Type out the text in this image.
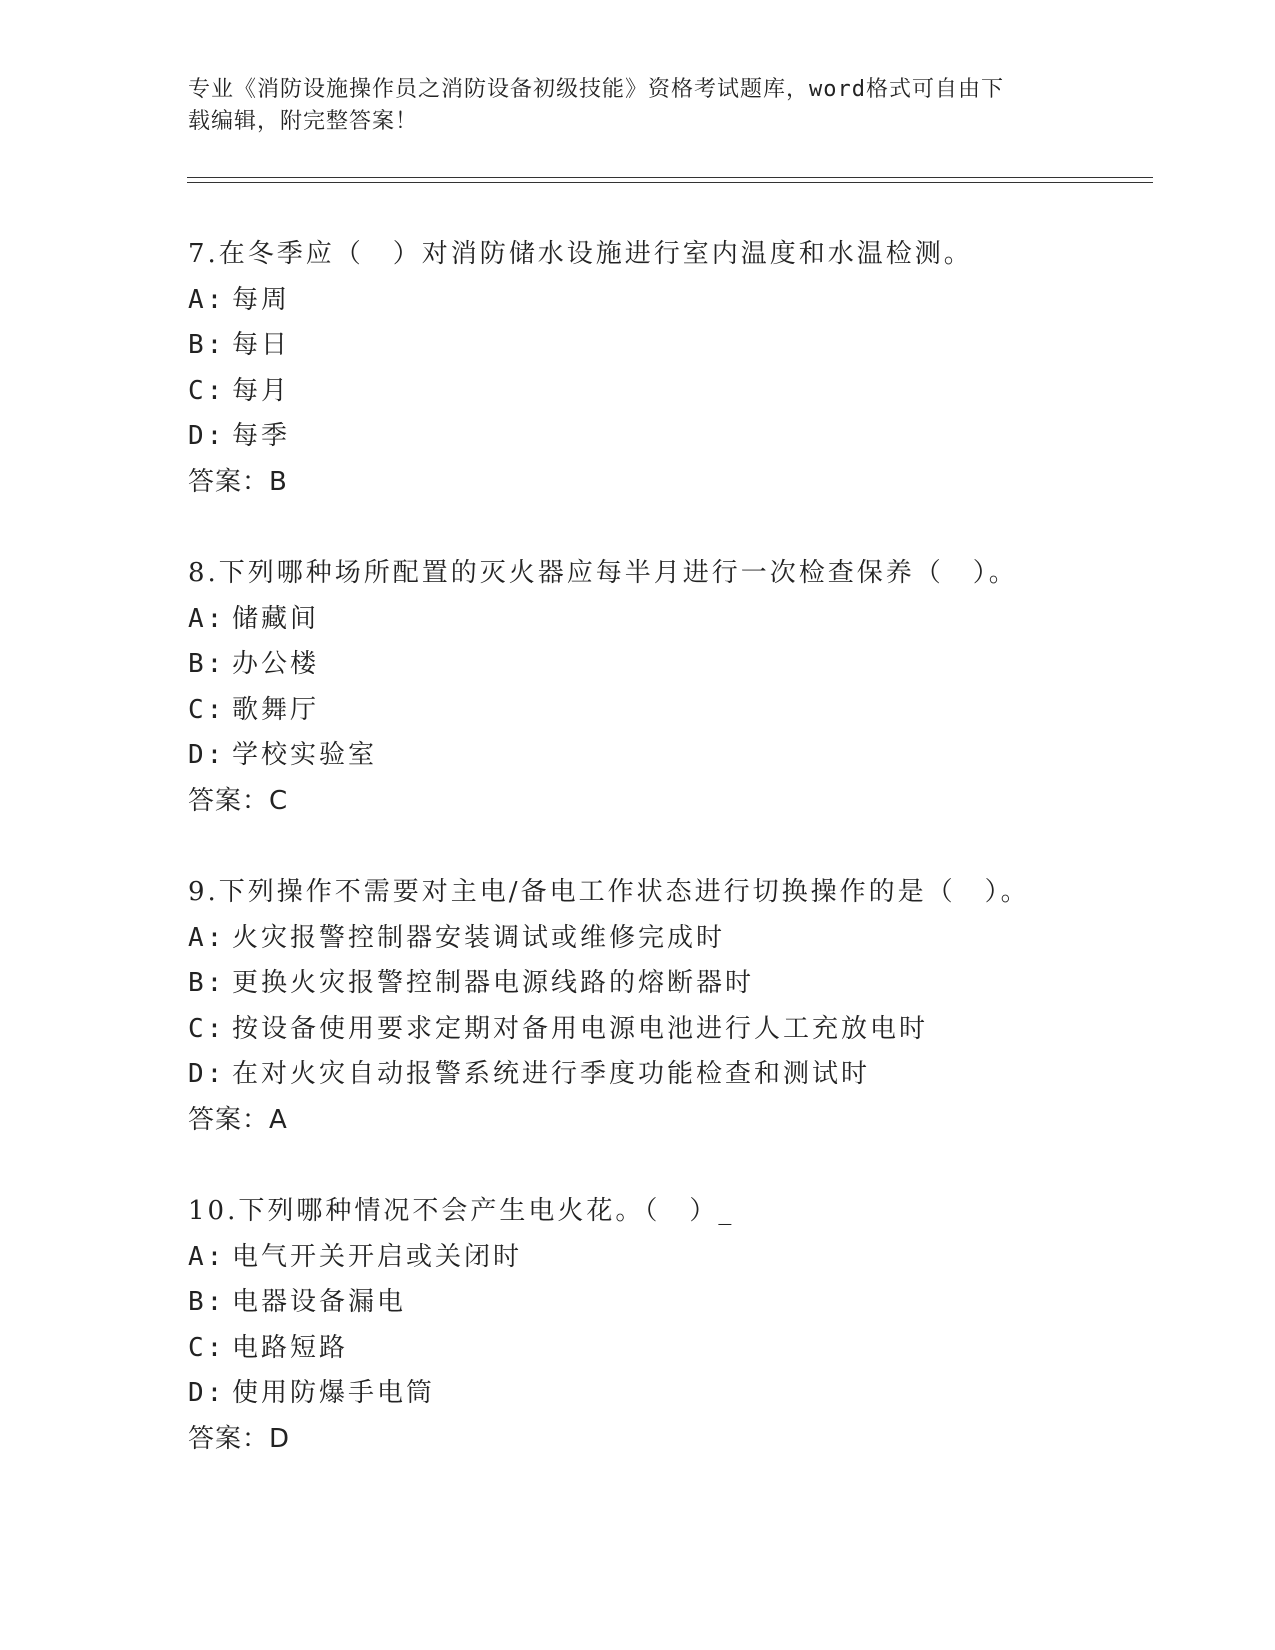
专业《消防设施操作员之消防设备初级技能》资格考试题库，word格式可自由下
载编辑，附完整答案！
7.在冬季应（　）对消防储水设施进行室内温度和水温检测。
A: 每周
B: 每日
C: 每月
D: 每季
答案：B
8.下列哪种场所配置的灭火器应每半月进行一次检查保养（　）。
A: 储藏间
B: 办公楼
C: 歌舞厅
D: 学校实验室
答案：C
9.下列操作不需要对主电/备电工作状态进行切换操作的是（　）。
A: 火灾报警控制器安装调试或维修完成时
B: 更换火灾报警控制器电源线路的熔断器时
C: 按设备使用要求定期对备用电源电池进行人工充放电时
D: 在对火灾自动报警系统进行季度功能检查和测试时
答案：A
10.下列哪种情况不会产生电火花。（　）_
A: 电气开关开启或关闭时
B: 电器设备漏电
C: 电路短路
D: 使用防爆手电筒
答案：D
